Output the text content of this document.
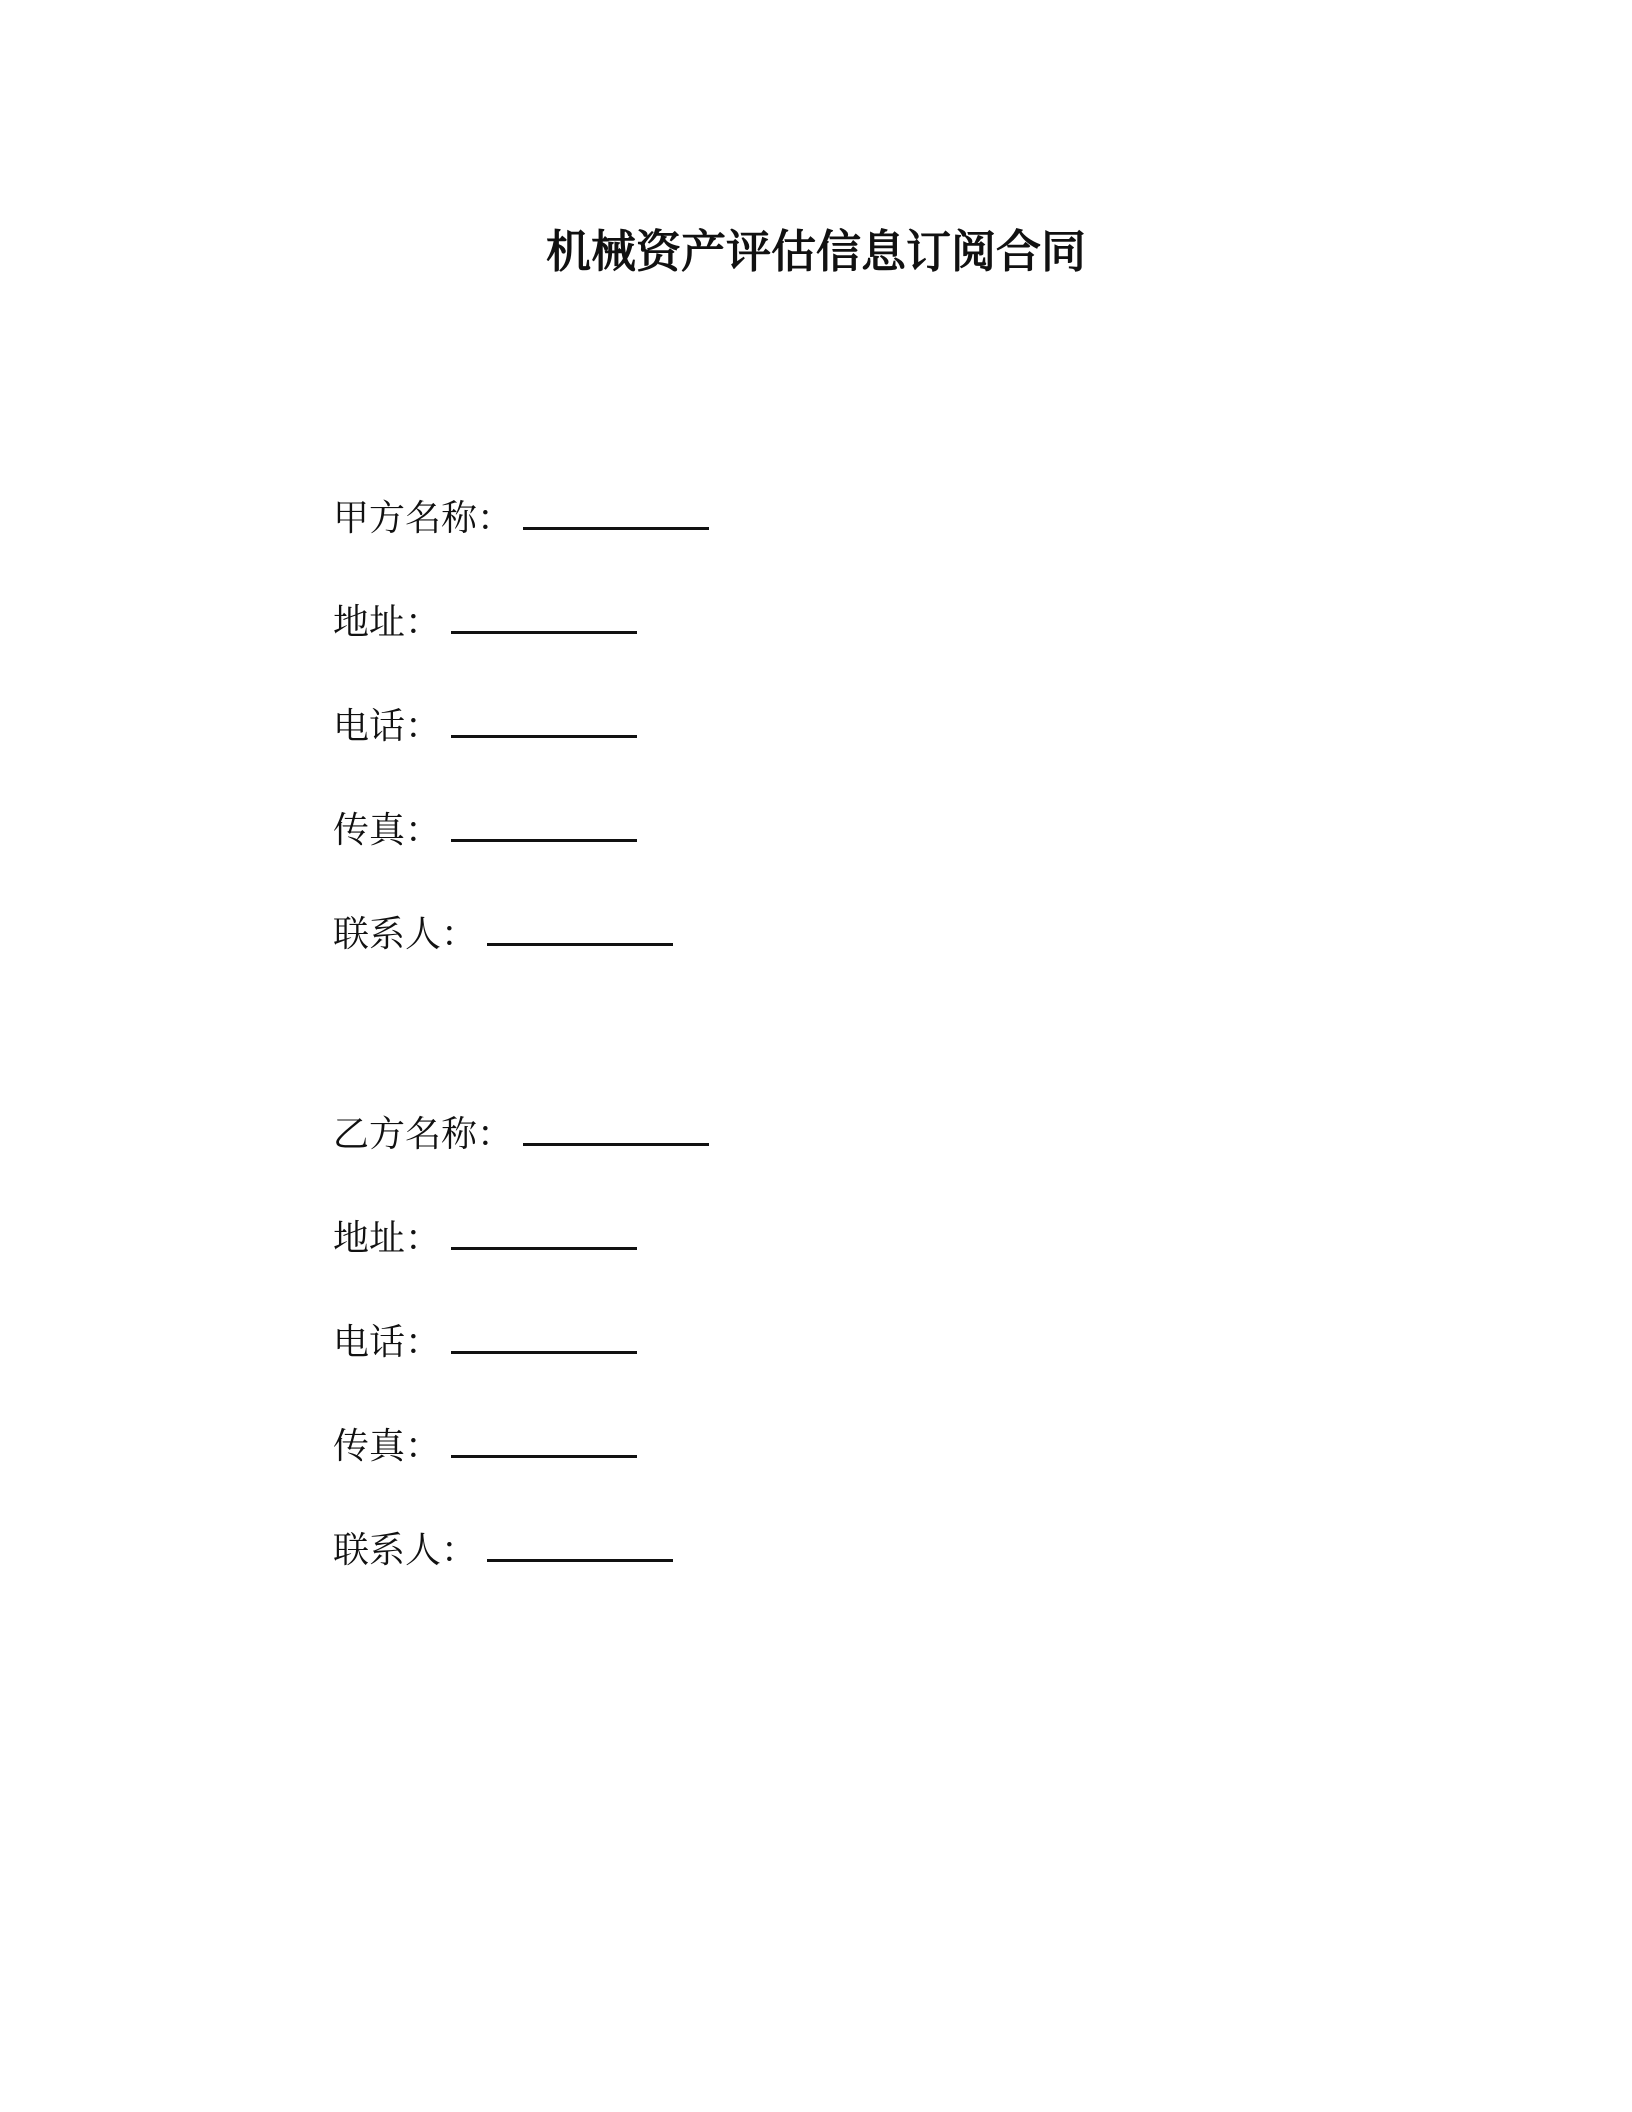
机械资产评估信息订阅合同
甲方名称：
地址：
电话：
传真：
联系人：
乙方名称：
地址：
电话：
传真：
联系人：
